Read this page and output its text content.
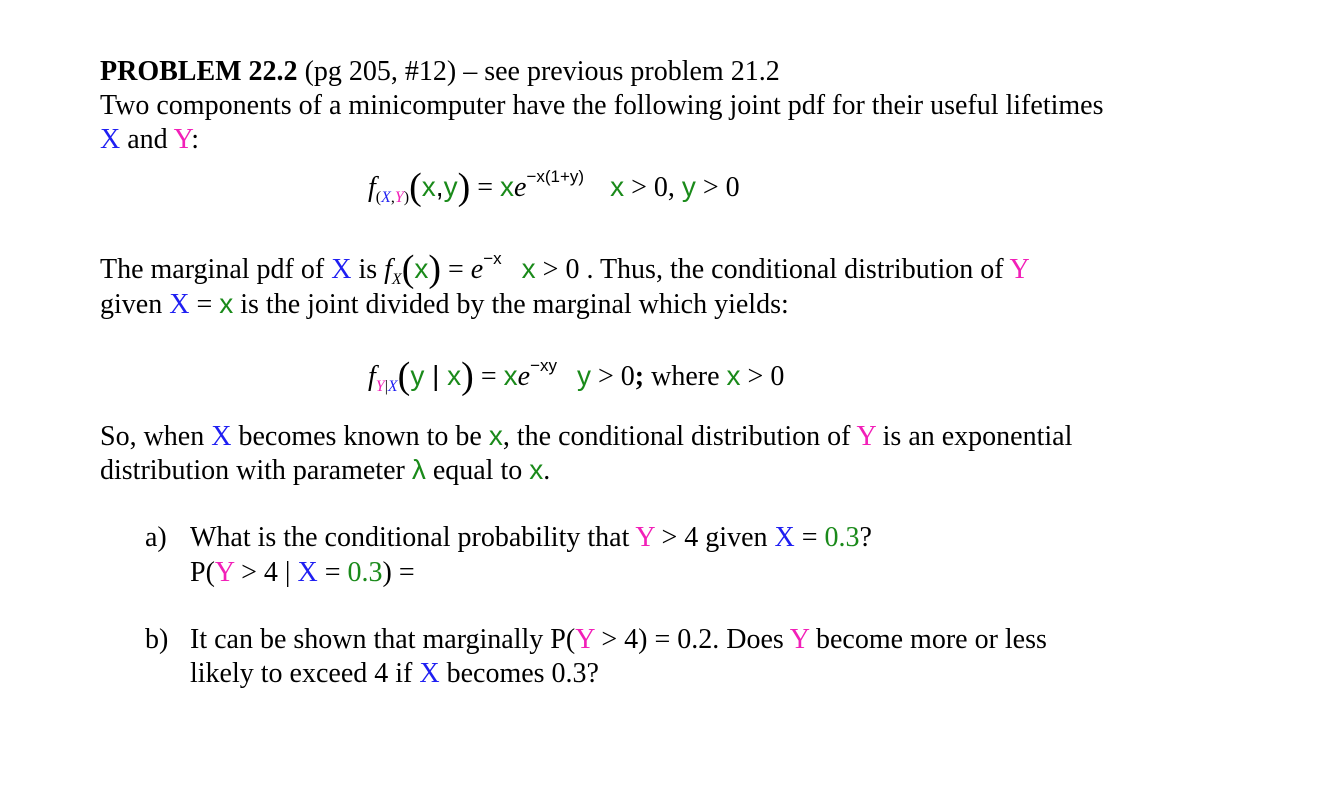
PROBLEM 22.2 (pg 205, #12) – see previous problem 21.2
Two components of a minicomputer have the following joint pdf for their useful lifetimes
X and Y:
$f_{(X,Y)}(x,y) = xe^{-x(1+y)}$ x > 0, y > 0
The marginal pdf of X is $f_X(x) = e^{-x}$ x > 0 . Thus, the conditional distribution of Y
given X = x is the joint divided by the marginal which yields:
$f_{Y|X}(y$ | $x) = xe^{-xy}$ y > 0; where x > 0
So, when X becomes known to be x, the conditional distribution of Y is an exponential
distribution with parameter λ equal to x.
a) What is the conditional probability that Y > 4 given X = 0.3?
P(Y > 4 | X = 0.3) =
b) It can be shown that marginally P(Y > 4) = 0.2. Does Y become more or less
likely to exceed 4 if X becomes 0.3?
